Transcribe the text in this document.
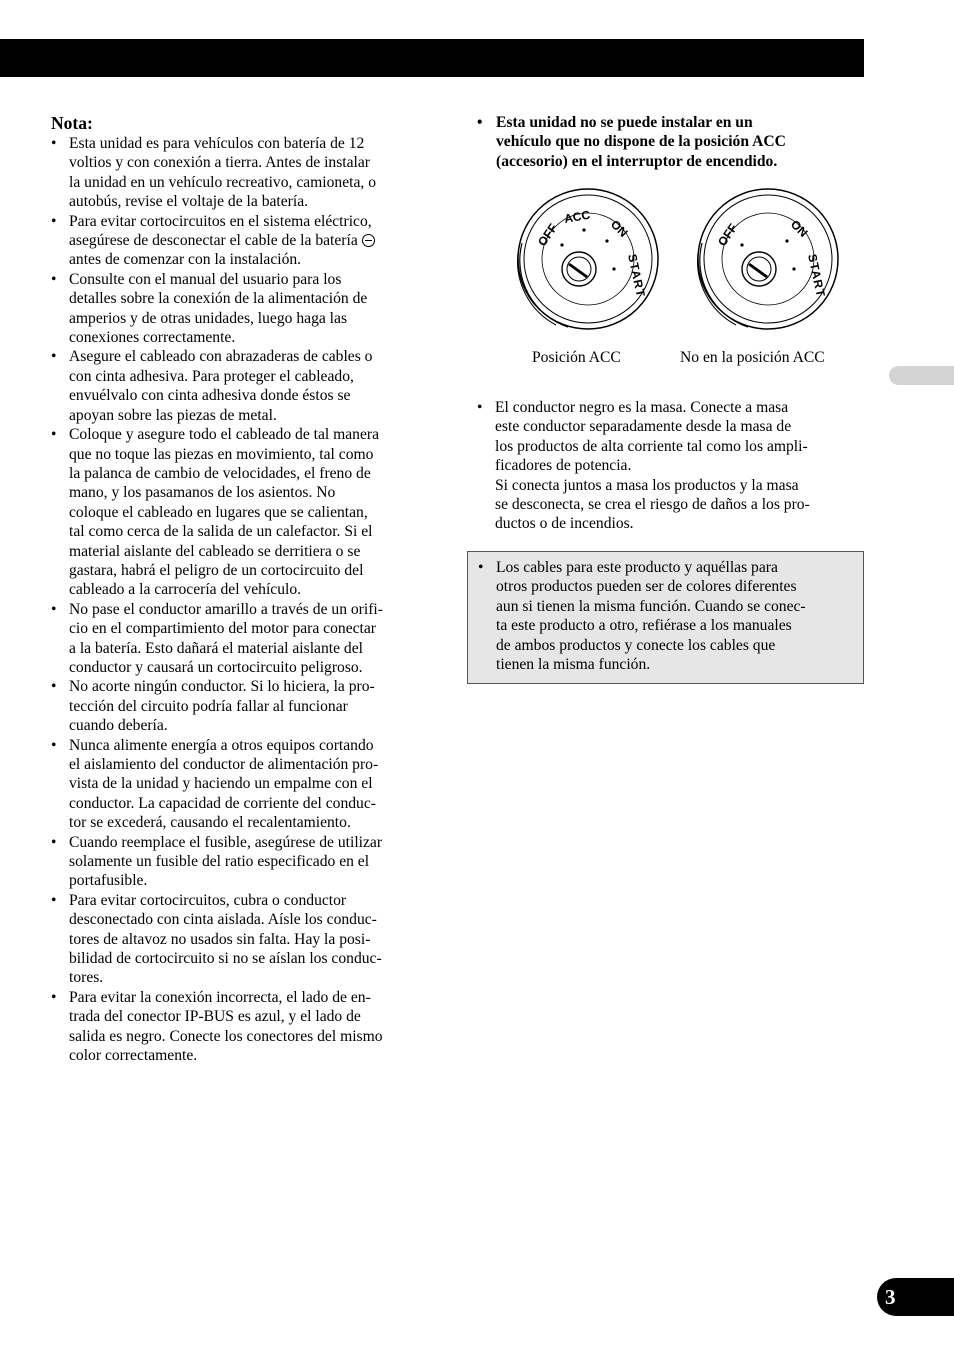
Nota:
• Esta unidad es para vehículos con batería de 12
voltios y con conexión a tierra. Antes de instalar
la unidad en un vehículo recreativo, camioneta, o
autobús, revise el voltaje de la batería.
• Para evitar cortocircuitos en el sistema eléctrico,
asegúrese de desconectar el cable de la batería
antes de comenzar con la instalación.
• Consulte con el manual del usuario para los
detalles sobre la conexión de la alimentación de
amperios y de otras unidades, luego haga las
conexiones correctamente.
• Asegure el cableado con abrazaderas de cables o
con cinta adhesiva. Para proteger el cableado,
envuélvalo con cinta adhesiva donde éstos se
apoyan sobre las piezas de metal.
• Coloque y asegure todo el cableado de tal manera
que no toque las piezas en movimiento, tal como
la palanca de cambio de velocidades, el freno de
mano, y los pasamanos de los asientos. No
coloque el cableado en lugares que se calientan,
tal como cerca de la salida de un calefactor. Si el
material aislante del cableado se derritiera o se
gastara, habrá el peligro de un cortocircuito del
cableado a la carrocería del vehículo.
• No pase el conductor amarillo a través de un orifi-
cio en el compartimiento del motor para conectar
a la batería. Esto dañará el material aislante del
conductor y causará un cortocircuito peligroso.
• No acorte ningún conductor. Si lo hiciera, la pro-
tección del circuito podría fallar al funcionar
cuando debería.
• Nunca alimente energía a otros equipos cortando
el aislamiento del conductor de alimentación pro-
vista de la unidad y haciendo un empalme con el
conductor. La capacidad de corriente del conduc-
tor se excederá, causando el recalentamiento.
• Cuando reemplace el fusible, asegúrese de utilizar
solamente un fusible del ratio especificado en el
portafusible.
• Para evitar cortocircuitos, cubra o conductor
desconectado con cinta aislada. Aísle los conduc-
tores de altavoz no usados sin falta. Hay la posi-
bilidad de cortocircuito si no se aíslan los conduc-
tores.
• Para evitar la conexión incorrecta, el lado de en-
trada del conector IP-BUS es azul, y el lado de
salida es negro. Conecte los conectores del mismo
color correctamente.
• Esta unidad no se puede instalar en un
vehículo que no dispone de la posición ACC
(accesorio) en el interruptor de encendido.
OFF
ACC
ON
START
OFF	ON
START
Posición ACC	No en la posición ACC
• El conductor negro es la masa. Conecte a masa
este conductor separadamente desde la masa de
los productos de alta corriente tal como los ampli-
ficadores de potencia.
Si conecta juntos a masa los productos y la masa
se desconecta, se crea el riesgo de daños a los pro-
ductos o de incendios.
• Los cables para este producto y aquéllas para
otros productos pueden ser de colores diferentes
aun si tienen la misma función. Cuando se conec-
ta este producto a otro, refiérase a los manuales
de ambos productos y conecte los cables que
tienen la misma función.
3
